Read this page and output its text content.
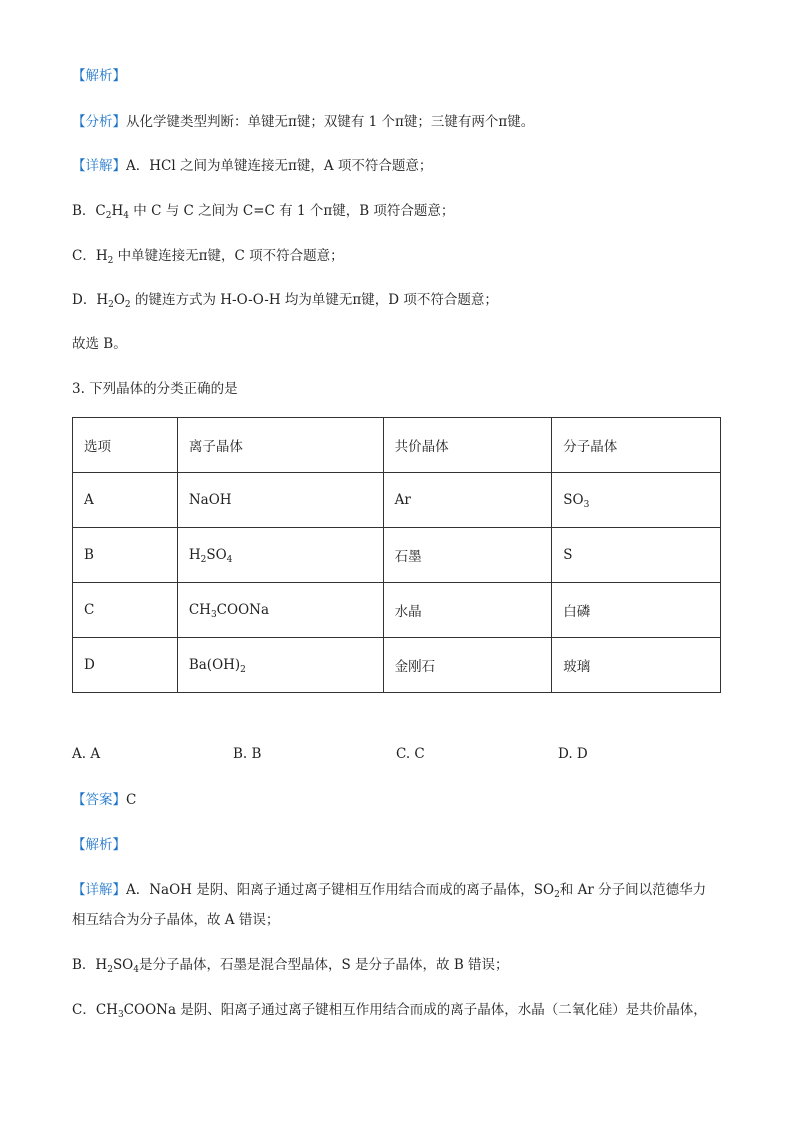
【解析】
【分析】从化学键类型判断：单键无π键；双键有 1 个π键；三键有两个π键。
【详解】A．HCl 之间为单键连接无π键，A 项不符合题意；
B．$C_2H_4$ 中 C 与 C 之间为 C=C 有 1 个π键，B 项符合题意；
C．$H_2$ 中单键连接无π键，C 项不符合题意；
D．$H_2O_2$ 的键连方式为 H-O-O-H 均为单键无π键，D 项不符合题意；
故选 B。
3. 下列晶体的分类正确的是
选项	离子晶体	共价晶体	分子晶体
A	NaOH	Ar	$SO_3$
B	$H_2SO_4$	石墨	S
C	$CH_3COONa$	水晶	白磷
D	$Ba(OH)_2$	金刚石	玻璃
A. A	B. B	C. C	D. D
【答案】C
【解析】
【详解】A．NaOH 是阴、阳离子通过离子键相互作用结合而成的离子晶体，$SO_2$和 Ar 分子间以范德华力
相互结合为分子晶体，故 A 错误；
B．$H_2SO_4$是分子晶体，石墨是混合型晶体，S 是分子晶体，故 B 错误；
C．$CH_3COONa$ 是阴、阳离子通过离子键相互作用结合而成的离子晶体，水晶（二氧化硅）是共价晶体，
